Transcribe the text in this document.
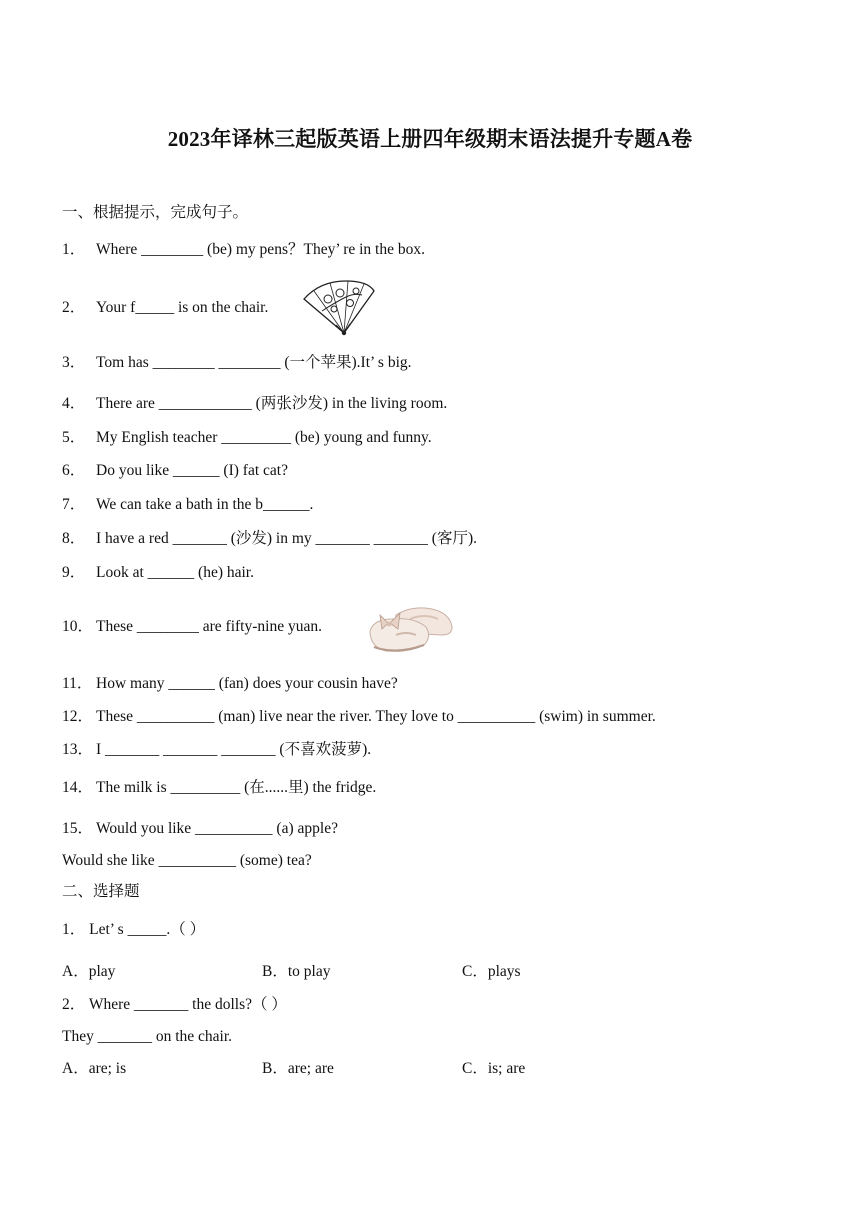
2023年译林三起版英语上册四年级期末语法提升专题A卷
一、根据提示，完成句子。
1． Where ________ (be) my pens？They’ re in the box.
2． Your f_____ is on the chair.
3． Tom has ________ ________ (一个苹果).It’ s big.
4． There are ____________ (两张沙发) in the living room.
5． My English teacher _________ (be) young and funny.
6． Do you like ______ (I) fat cat?
7． We can take a bath in the b______.
8． I have a red _______ (沙发) in my _______ _______ (客厅).
9． Look at ______ (he) hair.
10． These ________ are fifty-nine yuan.
11． How many ______ (fan) does your cousin have?
12． These __________ (man) live near the river. They love to __________ (swim) in summer.
13． I _______ _______ _______ (不喜欢菠萝).
14． The milk is _________ (在......里) the fridge.
15． Would you like __________ (a) apple?
Would she like __________ (some) tea?
二、选择题
1． Let’ s _____.（ ）
A．play	B．to play	C．plays
2． Where _______ the dolls?（ ）
They _______ on the chair.
A．are; is	B．are; are	C．is; are
